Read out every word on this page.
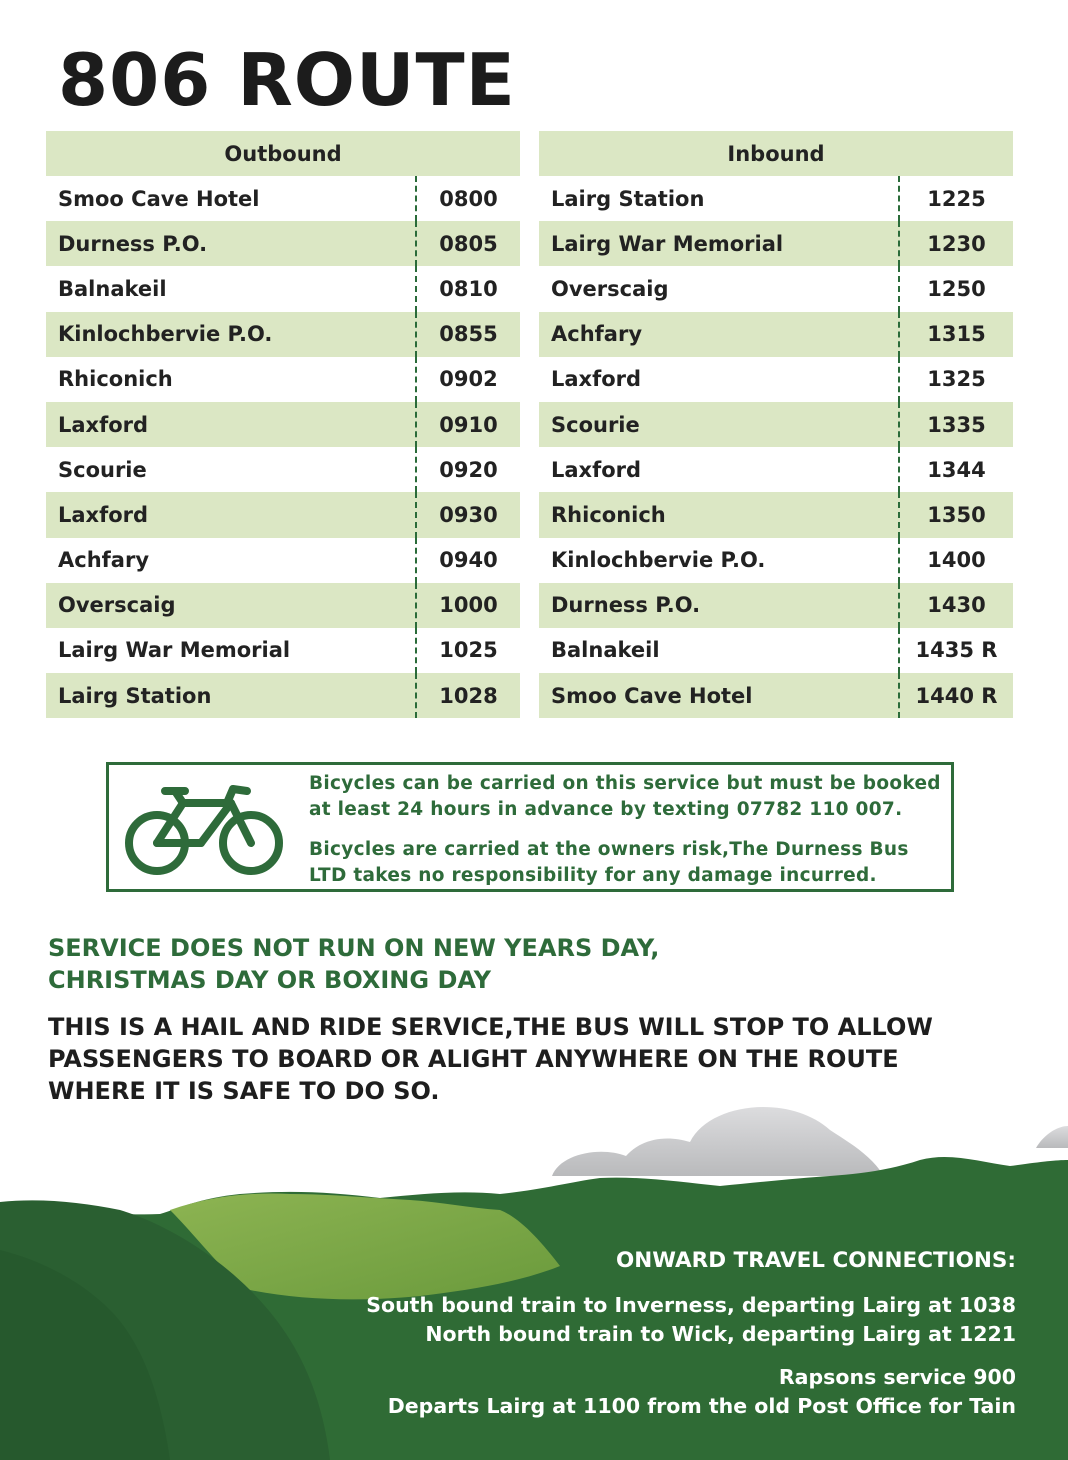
806 ROUTE
Outbound	
Smoo Cave Hotel	0800
Durness P.O.	0805
Balnakeil	0810
Kinlochbervie P.O.	0855
Rhiconich	0902
Laxford	0910
Scourie	0920
Laxford	0930
Achfary	0940
Overscaig	1000
Lairg War Memorial	1025
Lairg Station	1028
Inbound	
Lairg Station	1225
Lairg War Memorial	1230
Overscaig	1250
Achfary	1315
Laxford	1325
Scourie	1335
Laxford	1344
Rhiconich	1350
Kinlochbervie P.O.	1400
Durness P.O.	1430
Balnakeil	1435 R
Smoo Cave Hotel	1440 R

Bicycles can be carried on this service but must be booked at least 24 hours in advance by texting 07782 110 007.

Bicycles are carried at the owners risk,The Durness Bus LTD takes no responsibility for any damage incurred.

SERVICE DOES NOT RUN ON NEW YEARS DAY,
CHRISTMAS DAY OR BOXING DAY
THIS IS A HAIL AND RIDE SERVICE,THE BUS WILL STOP TO ALLOW
PASSENGERS TO BOARD OR ALIGHT ANYWHERE ON THE ROUTE
WHERE IT IS SAFE TO DO SO.
ONWARD TRAVEL CONNECTIONS:
South bound train to Inverness, departing Lairg at 1038
North bound train to Wick, departing Lairg at 1221
Rapsons service 900
Departs Lairg at 1100 from the old Post Office for Tain
